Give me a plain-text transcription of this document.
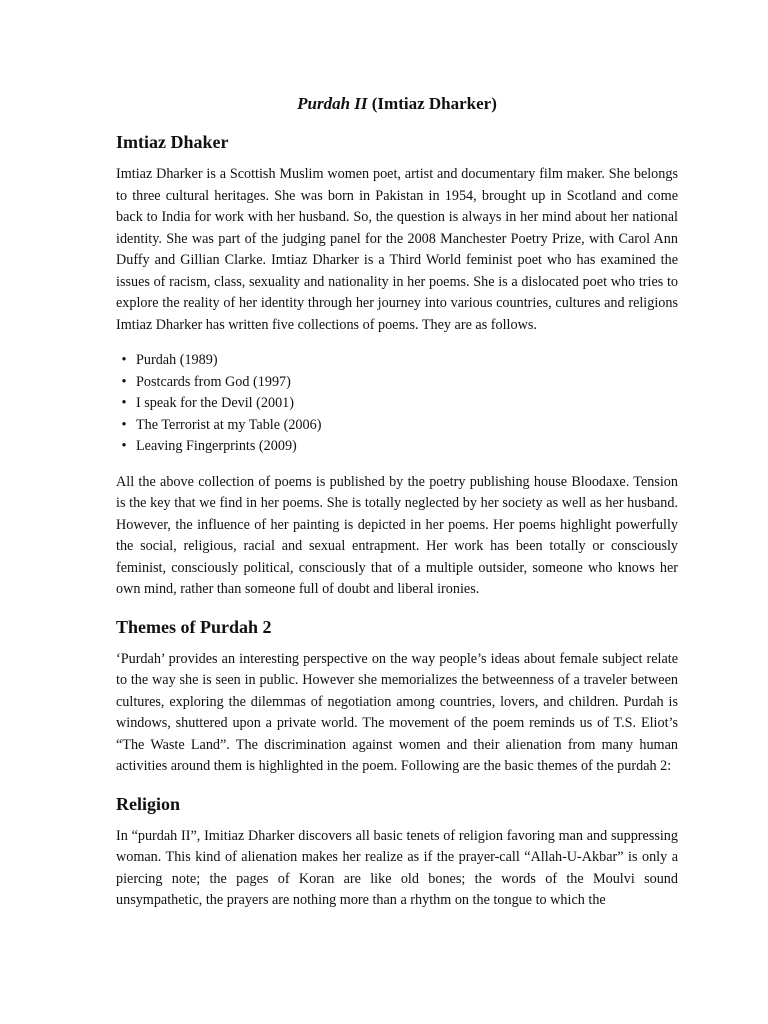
Purdah II (Imtiaz Dharker)
Imtiaz Dhaker

Imtiaz Dharker is a Scottish Muslim women poet, artist and documentary film maker. She belongs to three cultural heritages. She was born in Pakistan in 1954, brought up in Scotland and come back to India for work with her husband. So, the question is always in her mind about her national identity. She was part of the judging panel for the 2008 Manchester Poetry Prize, with Carol Ann Duffy and Gillian Clarke. Imtiaz Dharker is a Third World feminist poet who has examined the issues of racism, class, sexuality and nationality in her poems. She is a dislocated poet who tries to explore the reality of her identity through her journey into various countries, cultures and religions Imtiaz Dharker has written five collections of poems. They are as follows.

• Purdah (1989)
• Postcards from God (1997)
• I speak for the Devil (2001)
• The Terrorist at my Table (2006)
• Leaving Fingerprints (2009)

All the above collection of poems is published by the poetry publishing house Bloodaxe. Tension is the key that we find in her poems. She is totally neglected by her society as well as her husband. However, the influence of her painting is depicted in her poems. Her poems highlight powerfully the social, religious, racial and sexual entrapment. Her work has been totally or consciously feminist, consciously political, consciously that of a multiple outsider, someone who knows her own mind, rather than someone full of doubt and liberal ironies.

Themes of Purdah 2

‘Purdah’ provides an interesting perspective on the way people’s ideas about female subject relate to the way she is seen in public. However she memorializes the betweenness of a traveler between cultures, exploring the dilemmas of negotiation among countries, lovers, and children. Purdah is windows, shuttered upon a private world. The movement of the poem reminds us of T.S. Eliot’s “The Waste Land”. The discrimination against women and their alienation from many human activities around them is highlighted in the poem. Following are the basic themes of the purdah 2:

Religion

In “purdah II”, Imitiaz Dharker discovers all basic tenets of religion favoring man and suppressing woman. This kind of alienation makes her realize as if the prayer-call “Allah-U-Akbar” is only a piercing note; the pages of Koran are like old bones; the words of the Moulvi sound unsympathetic, the prayers are nothing more than a rhythm on the tongue to which the
